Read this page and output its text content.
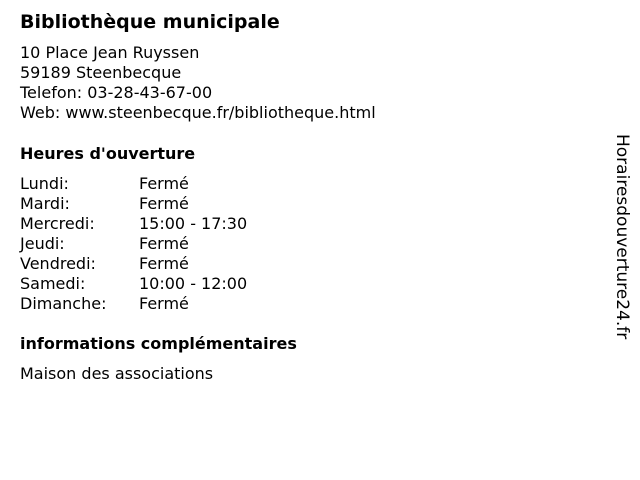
Bibliothèque municipale
10 Place Jean Ruyssen
59189 Steenbecque
Telefon: 03-28-43-67-00
Web: www.steenbecque.fr/bibliotheque.html
Heures d'ouverture
Lundi:	Fermé
Mardi:	Fermé
Mercredi:	15:00 - 17:30
Jeudi:	Fermé
Vendredi:	Fermé
Samedi:	10:00 - 12:00
Dimanche: Fermé
informations complémentaires
Maison des associations
Horairesdouverture24.fr
